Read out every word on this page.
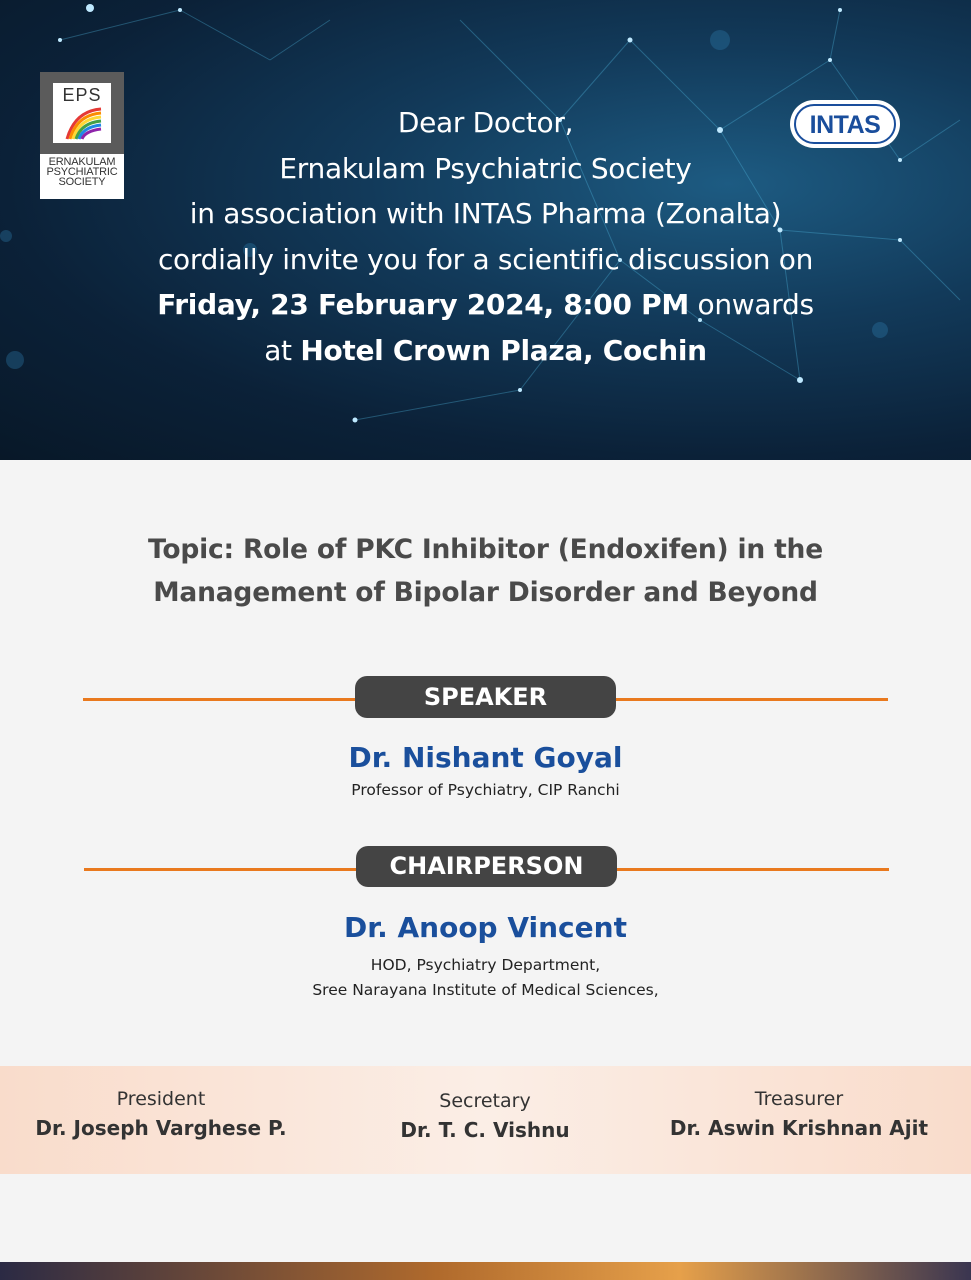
EPS
ERNAKULAM
PSYCHIATRIC
SOCIETY
INTAS
Dear Doctor,
Ernakulam Psychiatric Society
in association with INTAS Pharma (Zonalta)
cordially invite you for a scientific discussion on
Friday, 23 February 2024, 8:00 PM onwards
at Hotel Crown Plaza, Cochin
Topic: Role of PKC Inhibitor (Endoxifen) in the
Management of Bipolar Disorder and Beyond
SPEAKER
Dr. Nishant Goyal
Professor of Psychiatry, CIP Ranchi
CHAIRPERSON
Dr. Anoop Vincent
HOD, Psychiatry Department,
Sree Narayana Institute of Medical Sciences,
President
Dr. Joseph Varghese P.
Secretary
Dr. T. C. Vishnu
Treasurer
Dr. Aswin Krishnan Ajit
